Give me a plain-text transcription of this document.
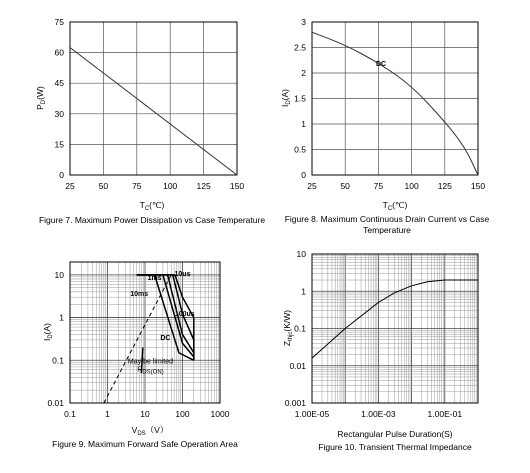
25	50	75	100 125 150
0
15
30
45
60
75
$P_D(W)$
$T_C(℃)$
Figure 7. Maximum Power Dissipation vs Case Temperature
25	50	75	100 125 150
0
0.5
1
1.5
2
2.5
3
DC
$I_D(A)$
$T_C(℃)$
Figure 8. Maximum Continuous Drain Current vs Case
Temperature
0.1	1	10	100 1000
0.01
0.1
1
10	1ms
10us
10ms
100us
DC
May be limited
RDS(ON)
$I_D(A)$
$V_{DS}(V)$
Figure 9. Maximum Forward Safe Operation Area
1.00E-05	1.00E-03	1.00E-01
0.001
0.01
0.1
1
10
$Z_{thjc}(K/W)$
Rectangular Pulse Duration(S)
Figure 10. Transient Thermal Impedance
